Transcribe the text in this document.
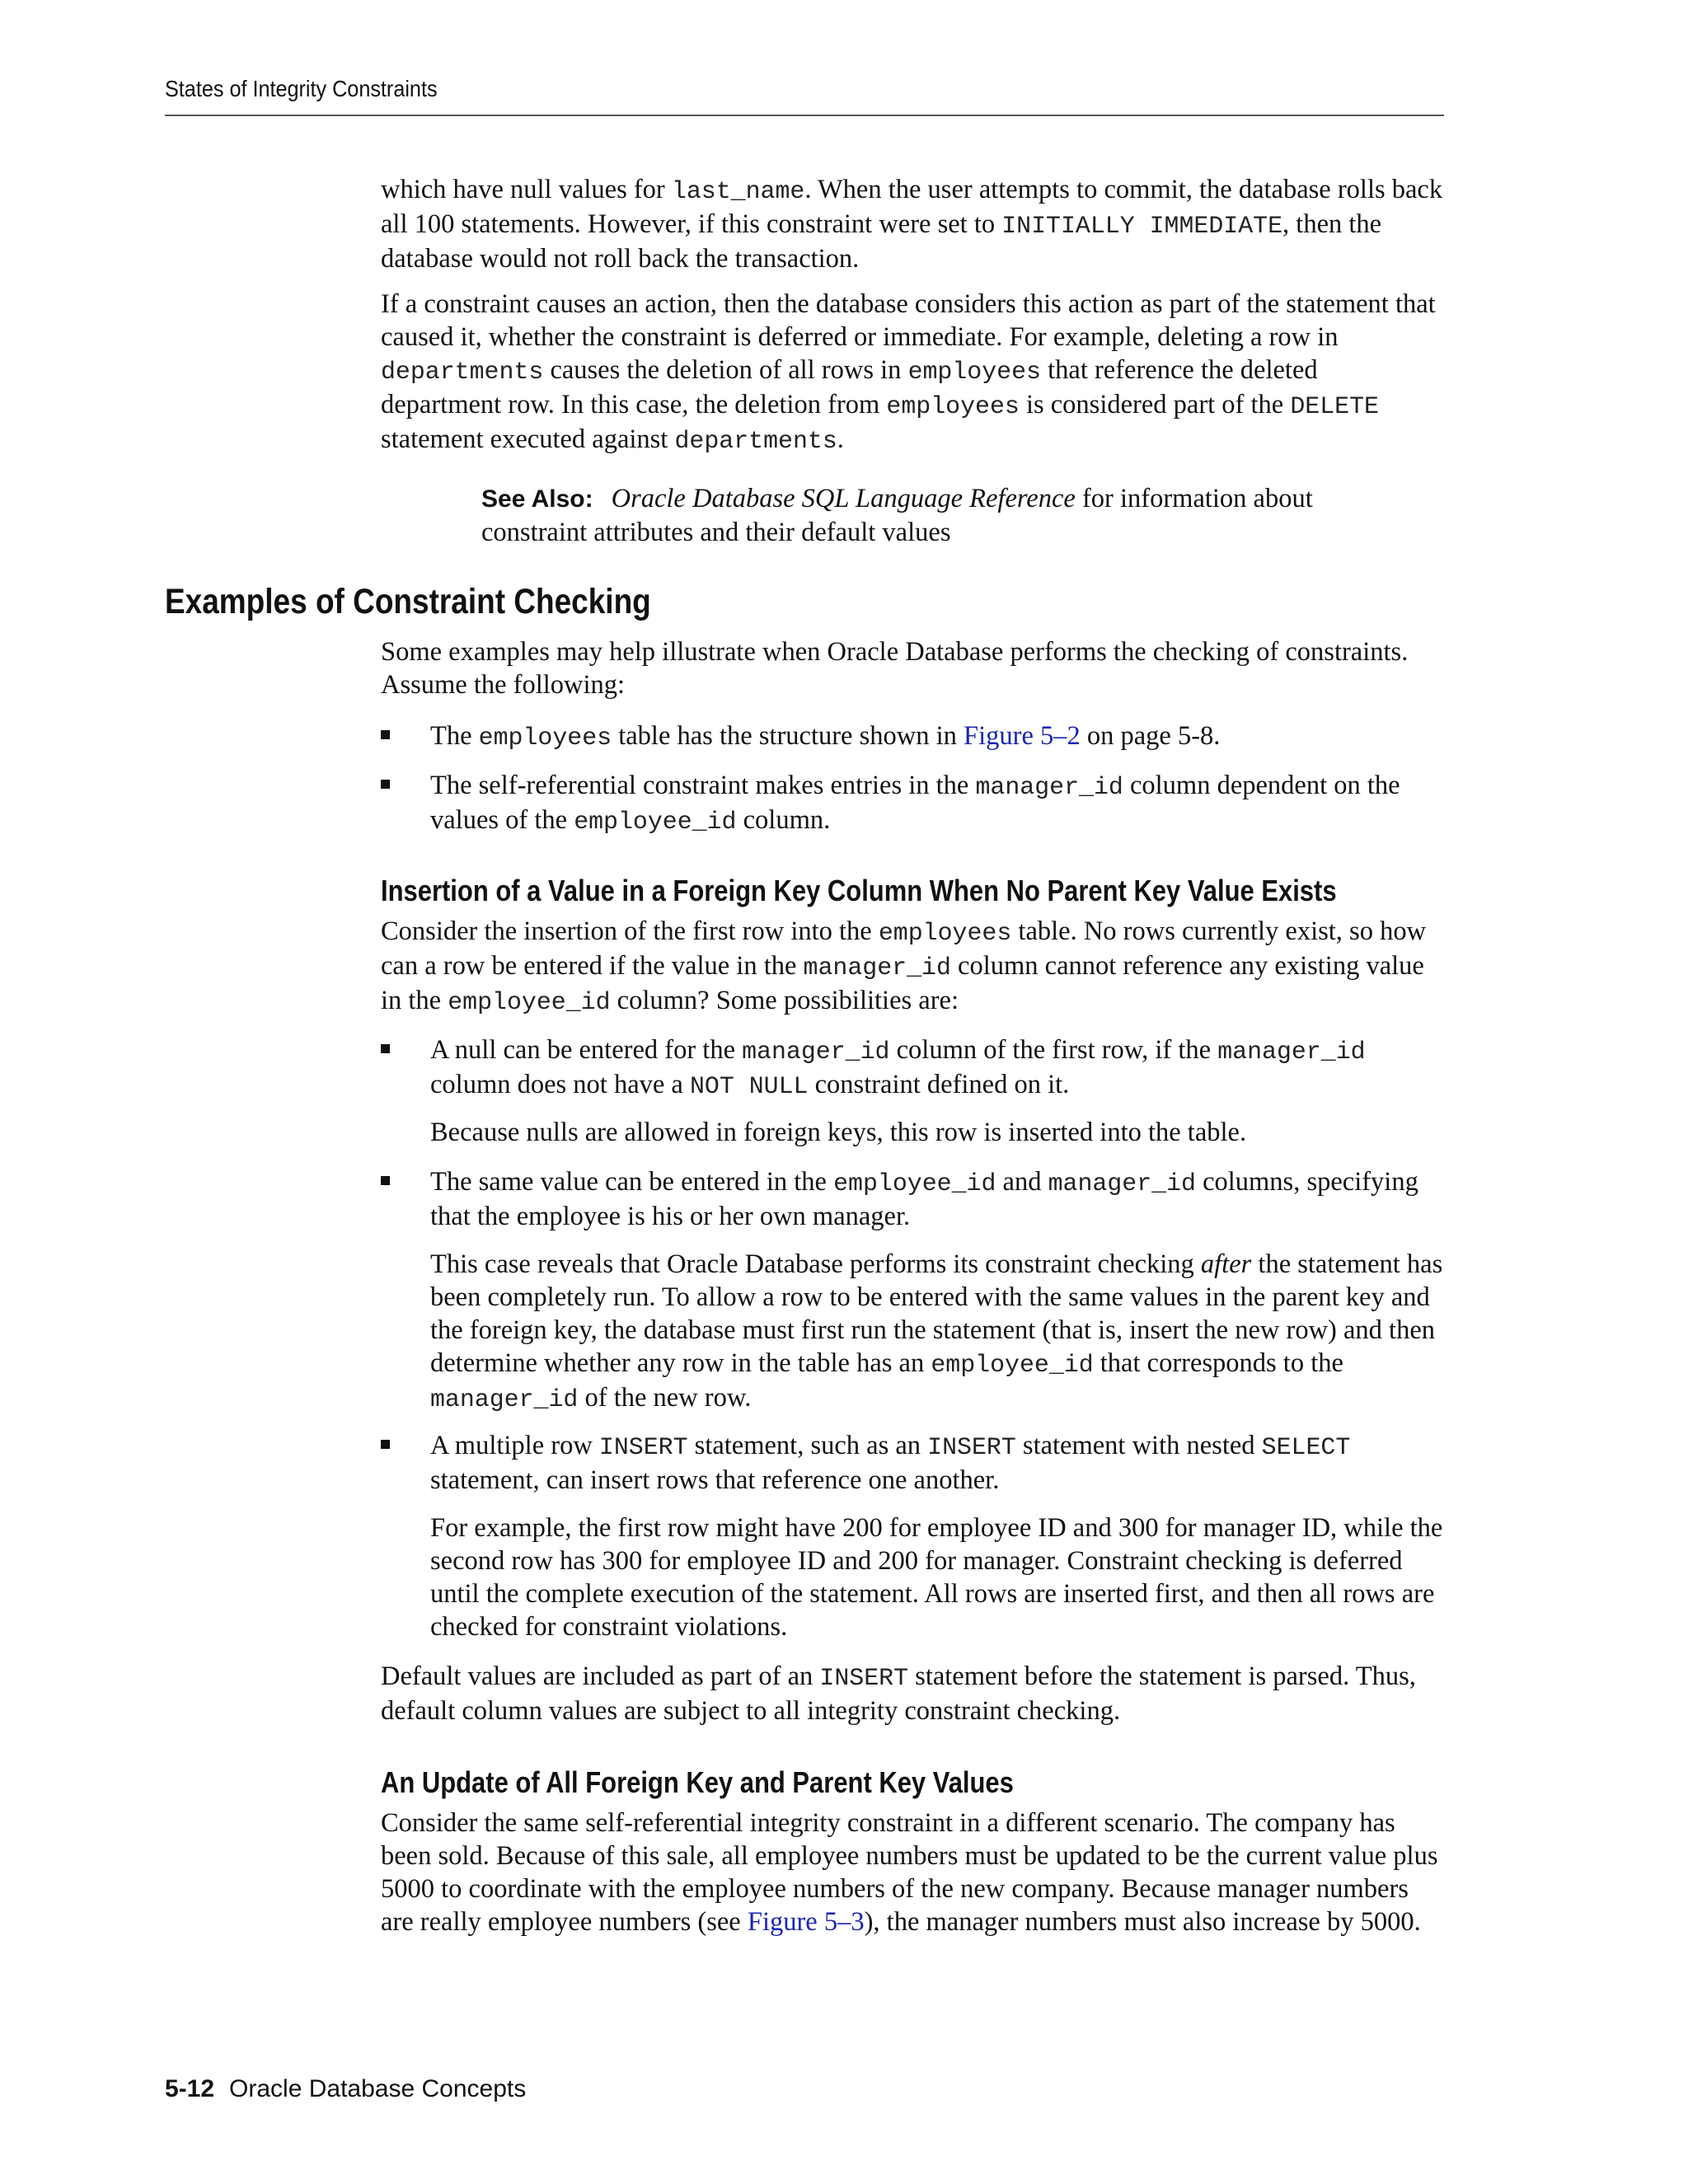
States of Integrity Constraints

which have null values for last_name. When the user attempts to commit, the database rolls back all 100 statements. However, if this constraint were set to INITIALLY IMMEDIATE, then the database would not roll back the transaction.

If a constraint causes an action, then the database considers this action as part of the statement that caused it, whether the constraint is deferred or immediate. For example, deleting a row in departments causes the deletion of all rows in employees that reference the deleted department row. In this case, the deletion from employees is considered part of the DELETE statement executed against departments.

See Also: Oracle Database SQL Language Reference for information about constraint attributes and their default values
Examples of Constraint Checking

Some examples may help illustrate when Oracle Database performs the checking of constraints. Assume the following:

The employees table has the structure shown in Figure 5–2 on page 5-8.
The self-referential constraint makes entries in the manager_id column dependent on the values of the employee_id column.
Insertion of a Value in a Foreign Key Column When No Parent Key Value Exists

Consider the insertion of the first row into the employees table. No rows currently exist, so how can a row be entered if the value in the manager_id column cannot reference any existing value in the employee_id column? Some possibilities are:

A null can be entered for the manager_id column of the first row, if the manager_id column does not have a NOT NULL constraint defined on it.

Because nulls are allowed in foreign keys, this row is inserted into the table.

The same value can be entered in the employee_id and manager_id columns, specifying that the employee is his or her own manager.

This case reveals that Oracle Database performs its constraint checking after the statement has been completely run. To allow a row to be entered with the same values in the parent key and the foreign key, the database must first run the statement (that is, insert the new row) and then determine whether any row in the table has an employee_id that corresponds to the manager_id of the new row.

A multiple row INSERT statement, such as an INSERT statement with nested SELECT statement, can insert rows that reference one another.

For example, the first row might have 200 for employee ID and 300 for manager ID, while the second row has 300 for employee ID and 200 for manager. Constraint checking is deferred until the complete execution of the statement. All rows are inserted first, and then all rows are checked for constraint violations.

Default values are included as part of an INSERT statement before the statement is parsed. Thus, default column values are subject to all integrity constraint checking.

An Update of All Foreign Key and Parent Key Values

Consider the same self-referential integrity constraint in a different scenario. The company has been sold. Because of this sale, all employee numbers must be updated to be the current value plus 5000 to coordinate with the employee numbers of the new company. Because manager numbers are really employee numbers (see Figure 5–3), the manager numbers must also increase by 5000.

5-12 Oracle Database Concepts
